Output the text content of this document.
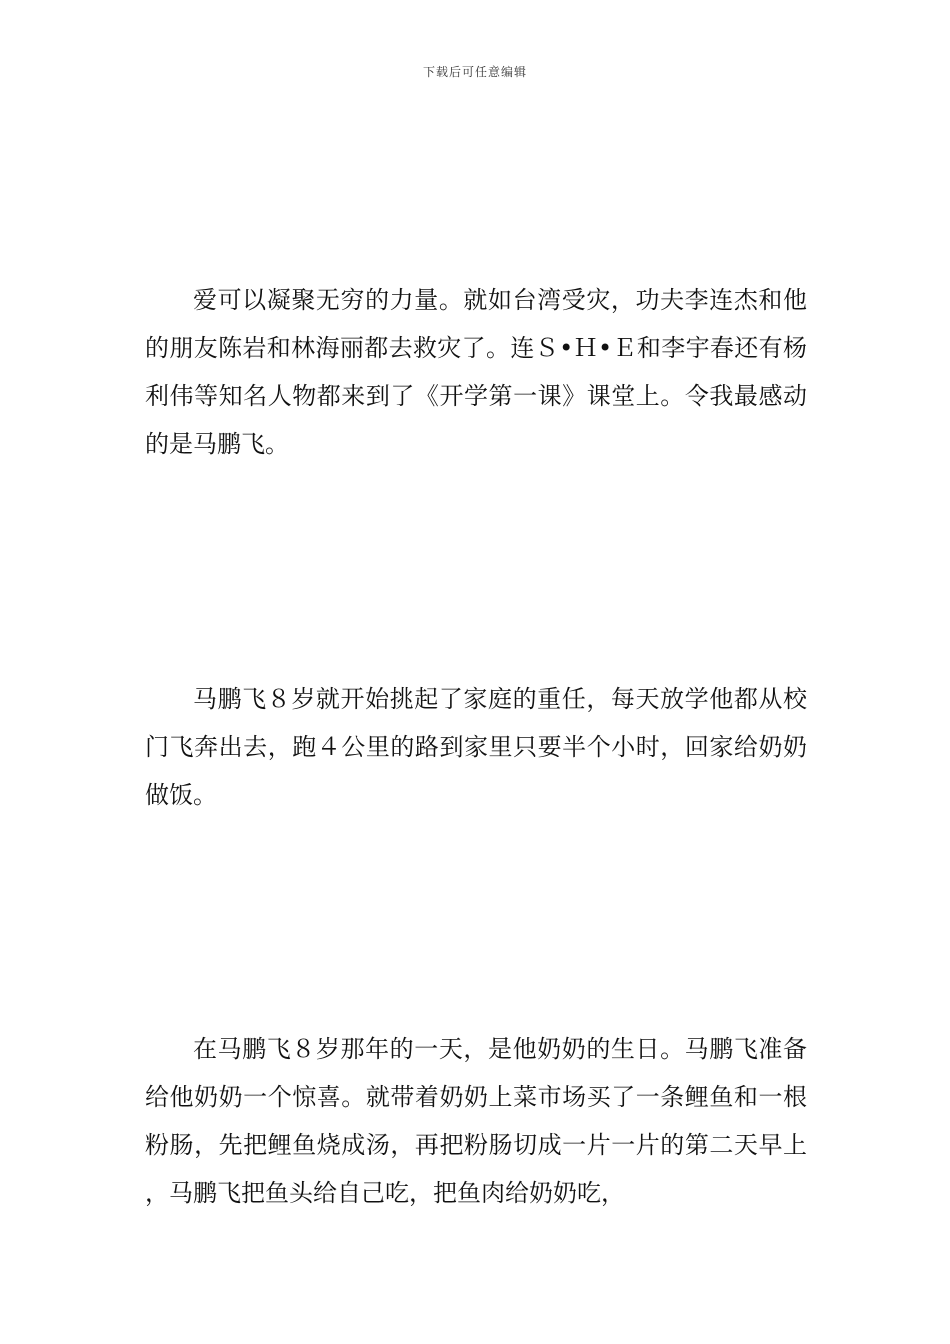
下载后可任意编辑

爱可以凝聚无穷的力量。就如台湾受灾，功夫李连杰和他的朋友陈岩和林海丽都去救灾了。连Ｓ•Ｈ•Ｅ和李宇春还有杨利伟等知名人物都来到了《开学第一课》课堂上。令我最感动的是马鹏飞。

马鹏飞８岁就开始挑起了家庭的重任，每天放学他都从校门飞奔出去，跑４公里的路到家里只要半个小时，回家给奶奶做饭。

在马鹏飞８岁那年的一天，是他奶奶的生日。马鹏飞准备给他奶奶一个惊喜。就带着奶奶上菜市场买了一条鲤鱼和一根粉肠，先把鲤鱼烧成汤，再把粉肠切成一片一片的第二天早上，马鹏飞把鱼头给自己吃，把鱼肉给奶奶吃，
